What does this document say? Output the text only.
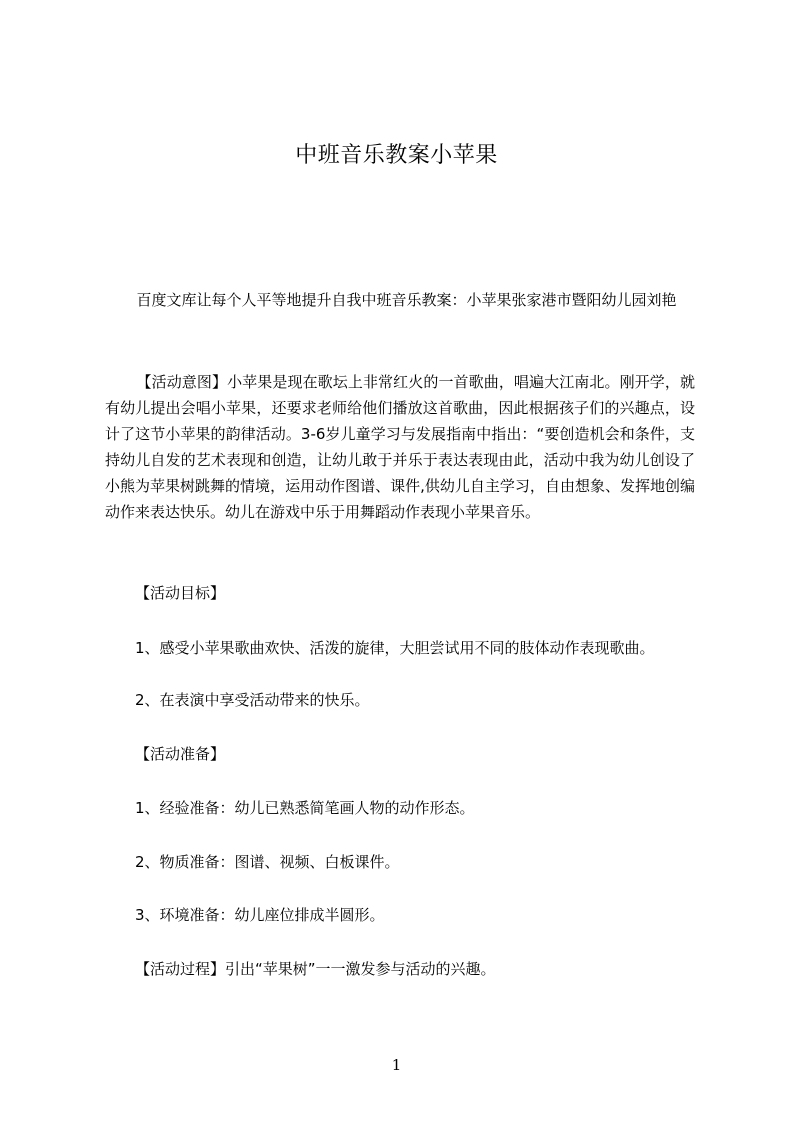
中班音乐教案小苹果

百度文库让每个人平等地提升自我中班音乐教案：小苹果张家港市暨阳幼儿园刘艳

【活动意图】小苹果是现在歌坛上非常红火的一首歌曲，唱遍大江南北。刚开学，就有幼儿提出会唱小苹果，还要求老师给他们播放这首歌曲，因此根据孩子们的兴趣点，设计了这节小苹果的韵律活动。3-6岁儿童学习与发展指南中指出：“要创造机会和条件，支持幼儿自发的艺术表现和创造，让幼儿敢于并乐于表达表现由此，活动中我为幼儿创设了小熊为苹果树跳舞的情境，运用动作图谱、课件,供幼儿自主学习，自由想象、发挥地创编动作来表达快乐。幼儿在游戏中乐于用舞蹈动作表现小苹果音乐。

【活动目标】
1、感受小苹果歌曲欢快、活泼的旋律，大胆尝试用不同的肢体动作表现歌曲。
2、在表演中享受活动带来的快乐。
【活动准备】
1、经验准备：幼儿已熟悉简笔画人物的动作形态。
2、物质准备：图谱、视频、白板课件。
3、环境准备：幼儿座位排成半圆形。
【活动过程】引出“苹果树”一一激发参与活动的兴趣。
1
